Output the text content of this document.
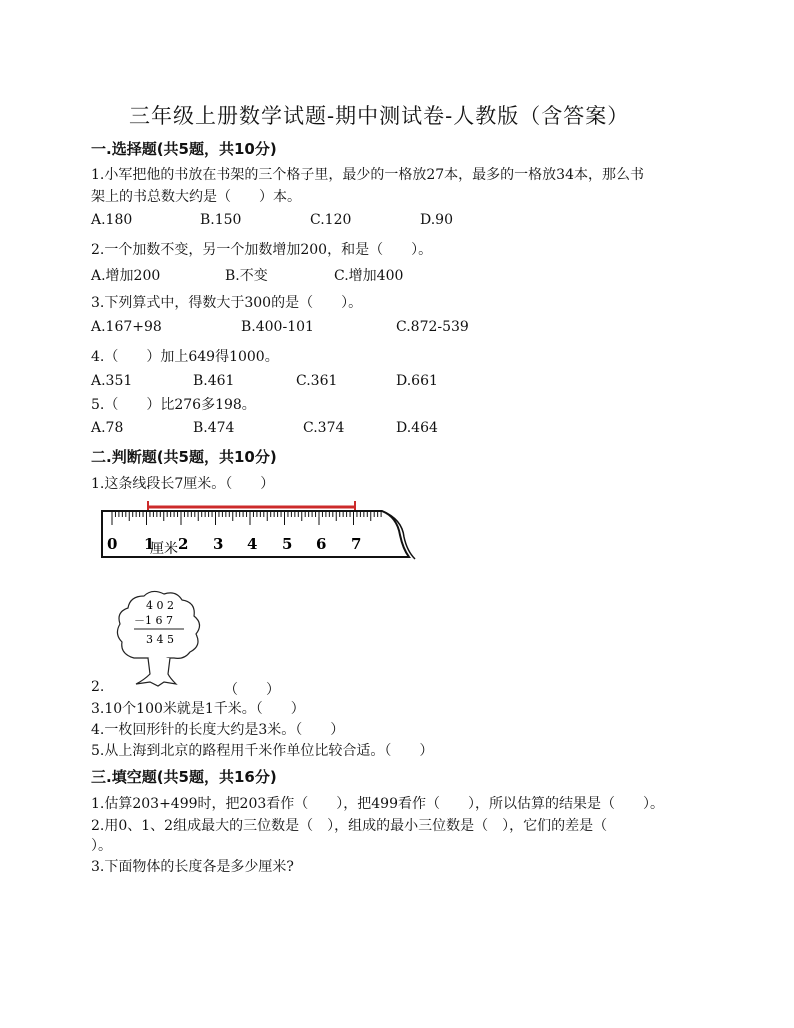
三年级上册数学试题-期中测试卷-人教版（含答案）
一.选择题(共5题，共10分)
1.小军把他的书放在书架的三个格子里，最少的一格放27本，最多的一格放34本，那么书
架上的书总数大约是（　　）本。
A.180	B.150	C.120	D.90
2.一个加数不变，另一个加数增加200，和是（　　）。
A.增加200	B.不变	C.增加400
3.下列算式中，得数大于300的是（　　）。
A.167+98	B.400-101	C.872-539
4.（　　）加上649得1000。
A.351	B.461	C.361	D.661
5.（　　）比276多198。
A.78	B.474	C.374	D.464
二.判断题(共5题，共10分)
1.这条线段长7厘米。（　　）
0 1 2 3 4 5 6 7
厘米
4 0 2
－1 6 7
3 4 5
2.	（　　）
3.10个100米就是1千米。（　　）
4.一枚回形针的长度大约是3米。（　　）
5.从上海到北京的路程用千米作单位比较合适。（　　）
三.填空题(共5题，共16分)
1.估算203+499时，把203看作（　　），把499看作（　　），所以估算的结果是（　　）。
2.用0、1、2组成最大的三位数是（　），组成的最小三位数是（　），它们的差是（
）。
3.下面物体的长度各是多少厘米?
